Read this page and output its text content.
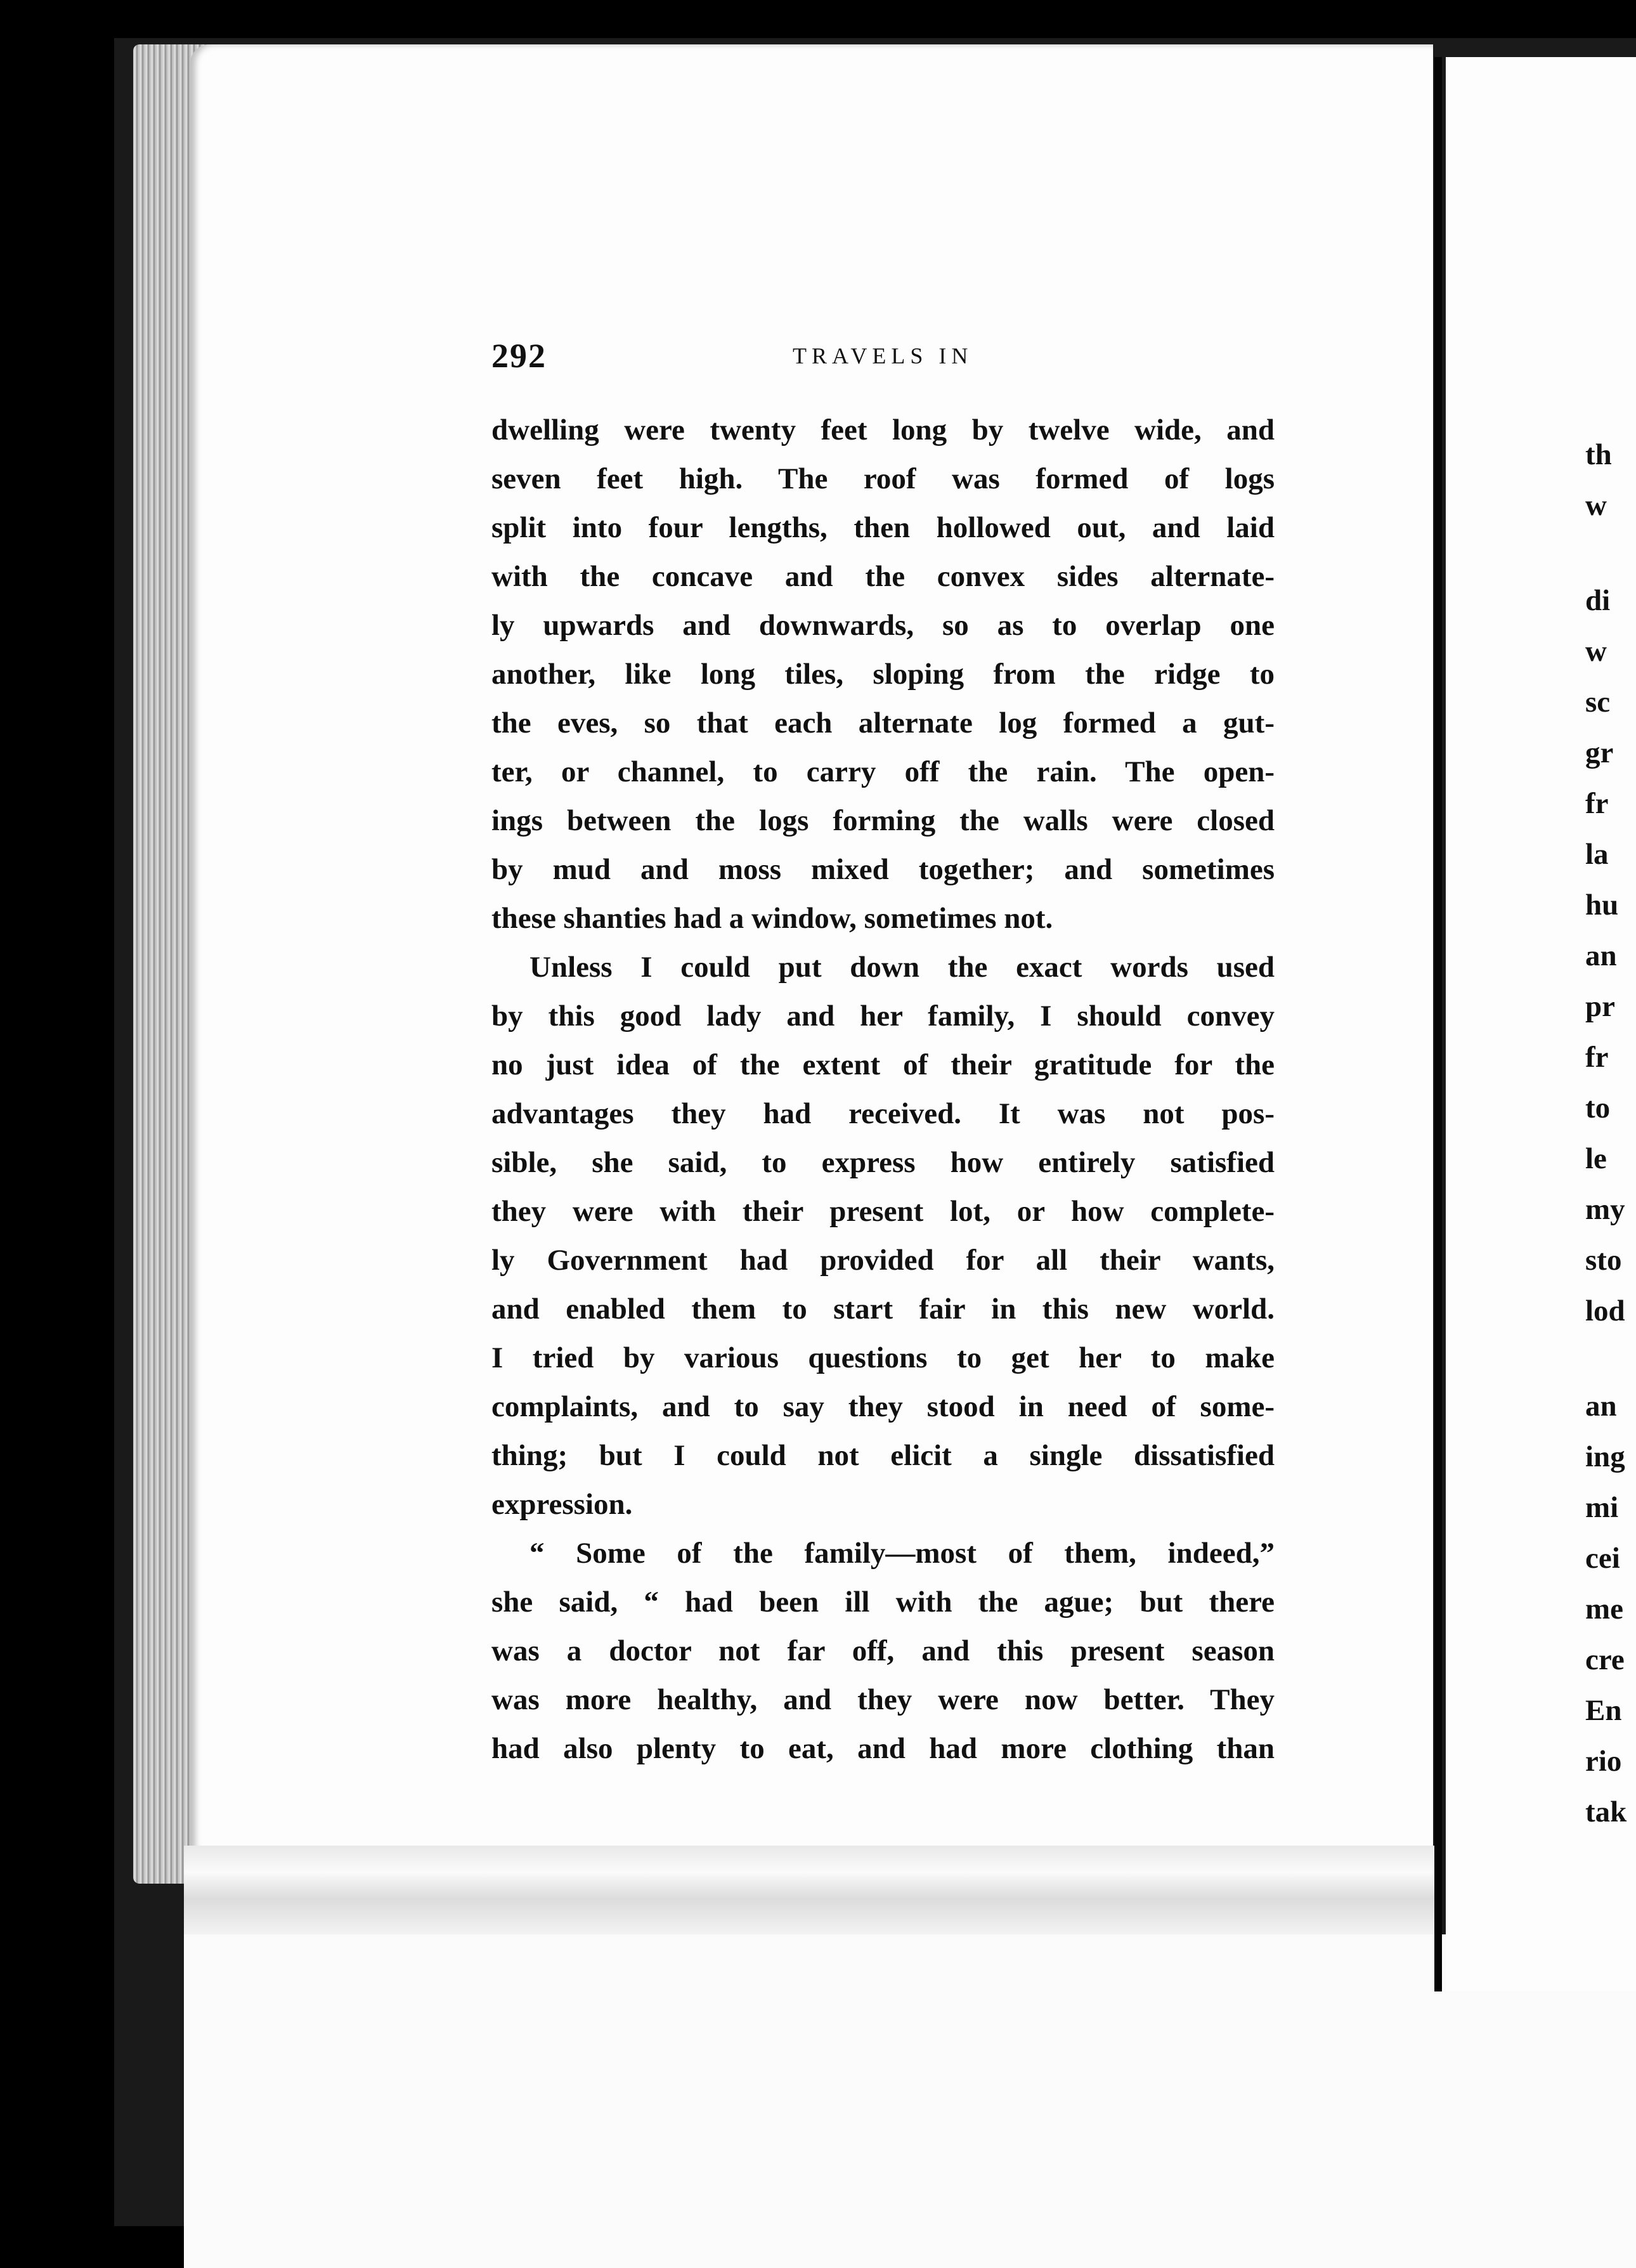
292	TRAVELS IN
dwelling were twenty feet long by twelve wide, and
seven feet high. The roof was formed of logs
split into four lengths, then hollowed out, and laid
with the concave and the convex sides alternate-
ly upwards and downwards, so as to overlap one
another, like long tiles, sloping from the ridge to
the eves, so that each alternate log formed a gut-
ter, or channel, to carry off the rain. The open-
ings between the logs forming the walls were closed
by mud and moss mixed together; and sometimes
these shanties had a window, sometimes not.
Unless I could put down the exact words used
by this good lady and her family, I should convey
no just idea of the extent of their gratitude for the
advantages they had received. It was not pos-
sible, she said, to express how entirely satisfied
they were with their present lot, or how complete-
ly Government had provided for all their wants,
and enabled them to start fair in this new world.
I tried by various questions to get her to make
complaints, and to say they stood in need of some-
thing; but I could not elicit a single dissatisfied
expression.
“ Some of the family—most of them, indeed,”
she said, “ had been ill with the ague; but there
was a doctor not far off, and this present season
was more healthy, and they were now better. They
had also plenty to eat, and had more clothing than
th
w
di
w
sc
gr
fr
la
hu
an
pr
fr
to
le
my
sto
lod
an
ing
mi
cei
me
cre
En
rio
tak
